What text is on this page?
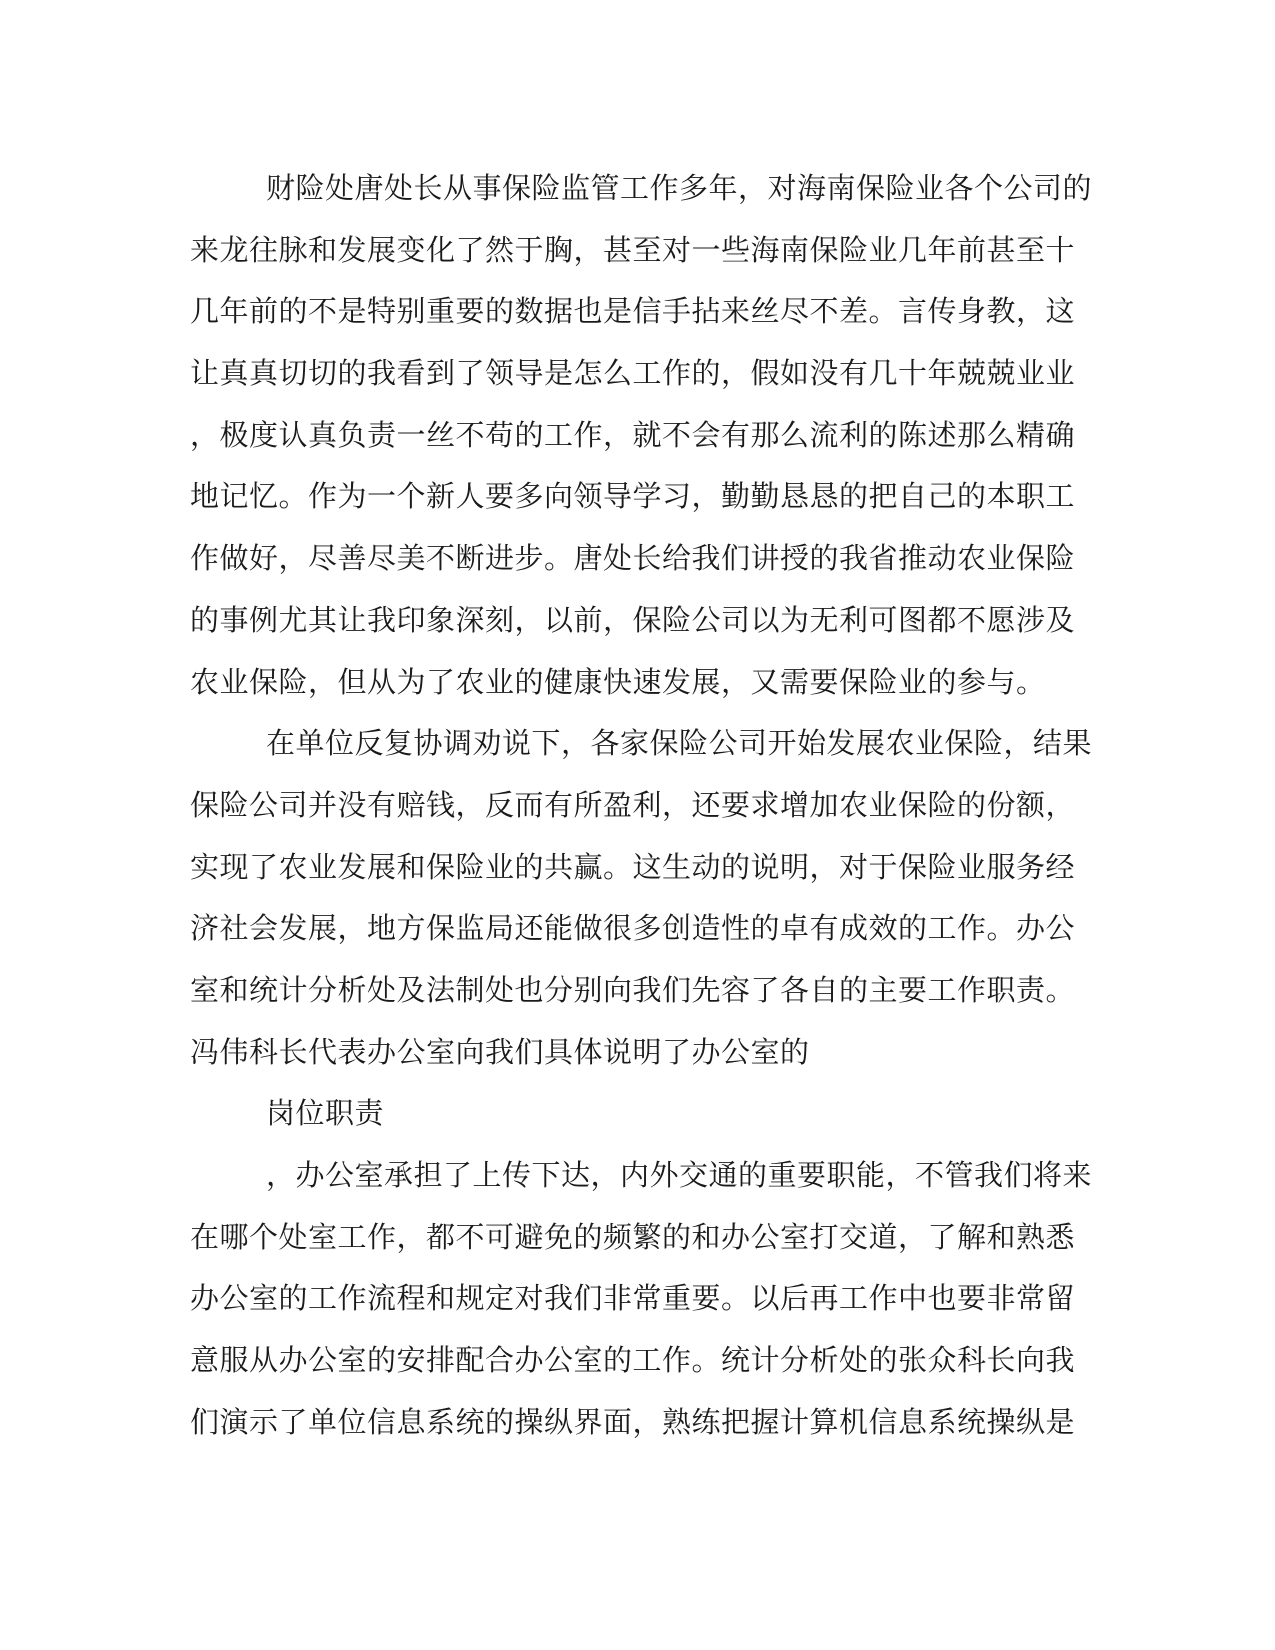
财险处唐处长从事保险监管工作多年，对海南保险业各个公司的
来龙往脉和发展变化了然于胸，甚至对一些海南保险业几年前甚至十
几年前的不是特别重要的数据也是信手拈来丝尽不差。言传身教，这
让真真切切的我看到了领导是怎么工作的，假如没有几十年兢兢业业
，极度认真负责一丝不苟的工作，就不会有那么流利的陈述那么精确
地记忆。作为一个新人要多向领导学习，勤勤恳恳的把自己的本职工
作做好，尽善尽美不断进步。唐处长给我们讲授的我省推动农业保险
的事例尤其让我印象深刻，以前，保险公司以为无利可图都不愿涉及
农业保险，但从为了农业的健康快速发展，又需要保险业的参与。
在单位反复协调劝说下，各家保险公司开始发展农业保险，结果
保险公司并没有赔钱，反而有所盈利，还要求增加农业保险的份额，
实现了农业发展和保险业的共赢。这生动的说明，对于保险业服务经
济社会发展，地方保监局还能做很多创造性的卓有成效的工作。办公
室和统计分析处及法制处也分别向我们先容了各自的主要工作职责。
冯伟科长代表办公室向我们具体说明了办公室的
岗位职责
，办公室承担了上传下达，内外交通的重要职能，不管我们将来
在哪个处室工作，都不可避免的频繁的和办公室打交道，了解和熟悉
办公室的工作流程和规定对我们非常重要。以后再工作中也要非常留
意服从办公室的安排配合办公室的工作。统计分析处的张众科长向我
们演示了单位信息系统的操纵界面，熟练把握计算机信息系统操纵是
